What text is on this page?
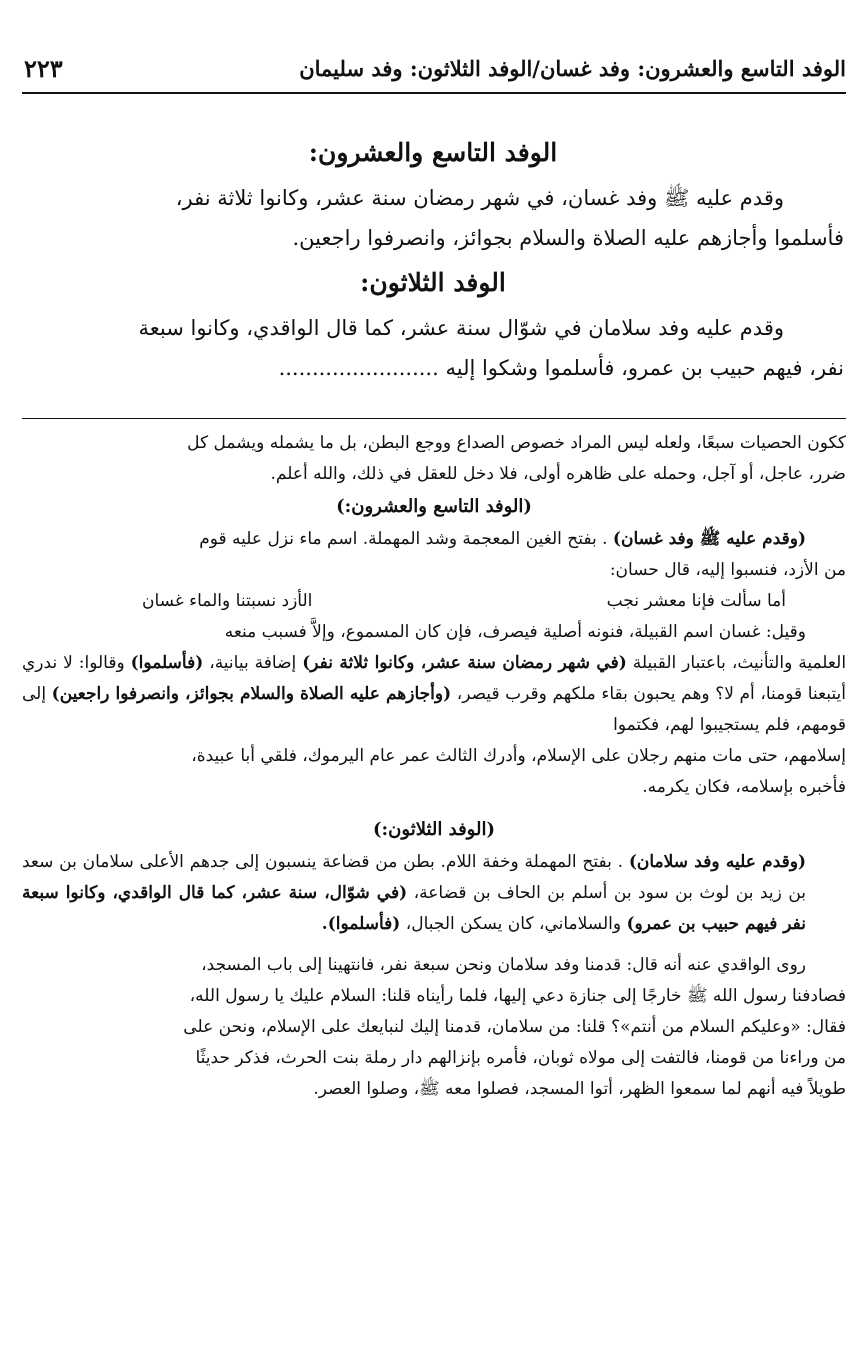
الوفد التاسع والعشرون: وفد غسان/الوفد الثلاثون: وفد سليمان
٢٢٣
الوفد التاسع والعشرون:

وقدم عليه ﷺ وفد غسان، في شهر رمضان سنة عشر، وكانوا ثلاثة نفر،

فأسلموا وأجازهم عليه الصلاة والسلام بجوائز، وانصرفوا راجعين.

الوفد الثلاثون:

وقدم عليه وفد سلامان في شوّال سنة عشر، كما قال الواقدي، وكانوا سبعة

نفر، فيهم حبيب بن عمرو، فأسلموا وشكوا إليه ........................

ككون الحصيات سبعًا، ولعله ليس المراد خصوص الصداع ووجع البطن، بل ما يشمله ويشمل كل

ضرر، عاجل، أو آجل، وحمله على ظاهره أولى، فلا دخل للعقل في ذلك، والله أعلم.

(الوفد التاسع والعشرون:)

(وقدم عليه ﷺ وفد غسان) . بفتح الغين المعجمة وشد المهملة. اسم ماء نزل عليه قوم

من الأزد، فنسبوا إليه، قال حسان:

أما سألت فإنا معشر نجب
الأزد نسبتنا والماء غسان

وقيل: غسان اسم القبيلة، فنونه أصلية فيصرف، فإن كان المسموع، وإلاَّ فسبب منعه

العلمية والتأنيث، باعتبار القبيلة (في شهر رمضان سنة عشر، وكانوا ثلاثة نفر) إضافة بيانية، (فأسلموا) وقالوا: لا ندري أيتبعنا قومنا، أم لا؟ وهم يحبون بقاء ملكهم وقرب قيصر، (وأجازهم عليه الصلاة والسلام بجوائز، وانصرفوا راجعين) إلى قومهم، فلم يستجيبوا لهم، فكتموا

إسلامهم، حتى مات منهم رجلان على الإسلام، وأدرك الثالث عمر عام اليرموك، فلقي أبا عبيدة،

فأخبره بإسلامه، فكان يكرمه.

(الوفد الثلاثون:)

(وقدم عليه وفد سلامان) . بفتح المهملة وخفة اللام. بطن من قضاعة ينسبون إلى جدهم الأعلى سلامان بن سعد بن زيد بن لوث بن سود بن أسلم بن الحاف بن قضاعة، (في شوّال، سنة عشر، كما قال الواقدي، وكانوا سبعة نفر فيهم حبيب بن عمرو) والسلاماني، كان يسكن الجبال، (فأسلموا).

روى الواقدي عنه أنه قال: قدمنا وفد سلامان ونحن سبعة نفر، فانتهينا إلى باب المسجد،

فصادفنا رسول الله ﷺ خارجًا إلى جنازة دعي إليها، فلما رأيناه قلنا: السلام عليك يا رسول الله،

فقال: «وعليكم السلام من أنتم»؟ قلنا: من سلامان، قدمنا إليك لنبايعك على الإسلام، ونحن على

من وراءنا من قومنا، فالتفت إلى مولاه ثوبان، فأمره بإنزالهم دار رملة بنت الحرث، فذكر حديثًا

طويلاً فيه أنهم لما سمعوا الظهر، أتوا المسجد، فصلوا معه ﷺ، وصلوا العصر.
